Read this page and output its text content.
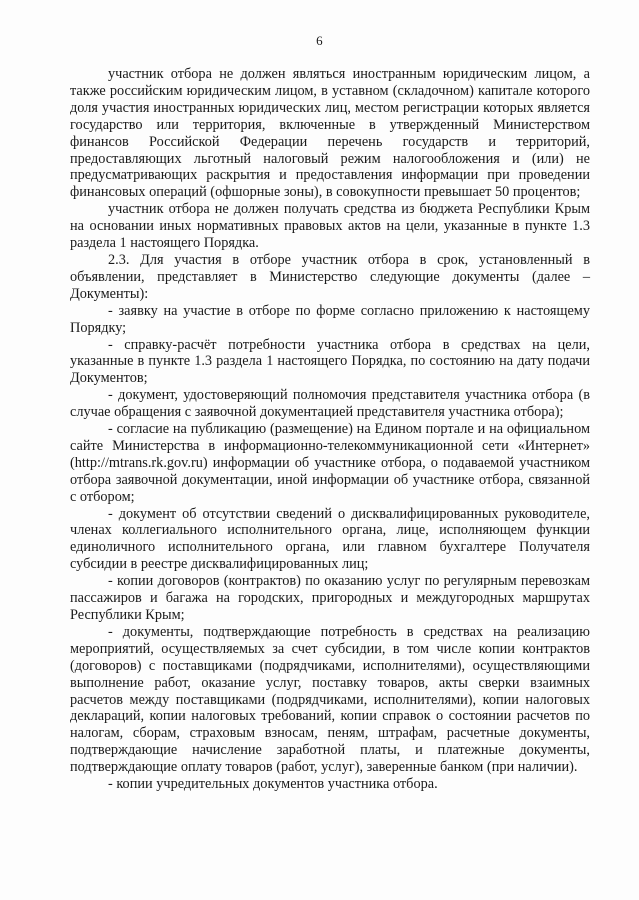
6

участник отбора не должен являться иностранным юридическим лицом, а также российским юридическим лицом, в уставном (складочном) капитале которого доля участия иностранных юридических лиц, местом регистрации которых является государство или территория, включенные в утвержденный Министерством финансов Российской Федерации перечень государств и территорий, предоставляющих льготный налоговый режим налогообложения и (или) не предусматривающих раскрытия и предоставления информации при проведении финансовых операций (офшорные зоны), в совокупности превышает 50 процентов;

участник отбора не должен получать средства из бюджета Республики Крым на основании иных нормативных правовых актов на цели, указанные в пункте 1.3 раздела 1 настоящего Порядка.

2.3. Для участия в отборе участник отбора в срок, установленный в объявлении, представляет в Министерство следующие документы (далее – Документы):

- заявку на участие в отборе по форме согласно приложению к настоящему Порядку;

- справку-расчёт потребности участника отбора в средствах на цели, указанные в пункте 1.3 раздела 1 настоящего Порядка, по состоянию на дату подачи Документов;

- документ, удостоверяющий полномочия представителя участника отбора (в случае обращения с заявочной документацией представителя участника отбора);

- согласие на публикацию (размещение) на Едином портале и на официальном сайте Министерства в информационно-телекоммуникационной сети «Интернет» (http://mtrans.rk.gov.ru) информации об участнике отбора, о подаваемой участником отбора заявочной документации, иной информации об участнике отбора, связанной с отбором;

- документ об отсутствии сведений о дисквалифицированных руководителе, членах коллегиального исполнительного органа, лице, исполняющем функции единоличного исполнительного органа, или главном бухгалтере Получателя субсидии в реестре дисквалифицированных лиц;

- копии договоров (контрактов) по оказанию услуг по регулярным перевозкам пассажиров и багажа на городских, пригородных и междугородных маршрутах Республики Крым;

- документы, подтверждающие потребность в средствах на реализацию мероприятий, осуществляемых за счет субсидии, в том числе копии контрактов (договоров) с поставщиками (подрядчиками, исполнителями), осуществляющими выполнение работ, оказание услуг, поставку товаров, акты сверки взаимных расчетов между поставщиками (подрядчиками, исполнителями), копии налоговых деклараций, копии налоговых требований, копии справок о состоянии расчетов по налогам, сборам, страховым взносам, пеням, штрафам, расчетные документы, подтверждающие начисление заработной платы, и платежные документы, подтверждающие оплату товаров (работ, услуг), заверенные банком (при наличии).

- копии учредительных документов участника отбора.
